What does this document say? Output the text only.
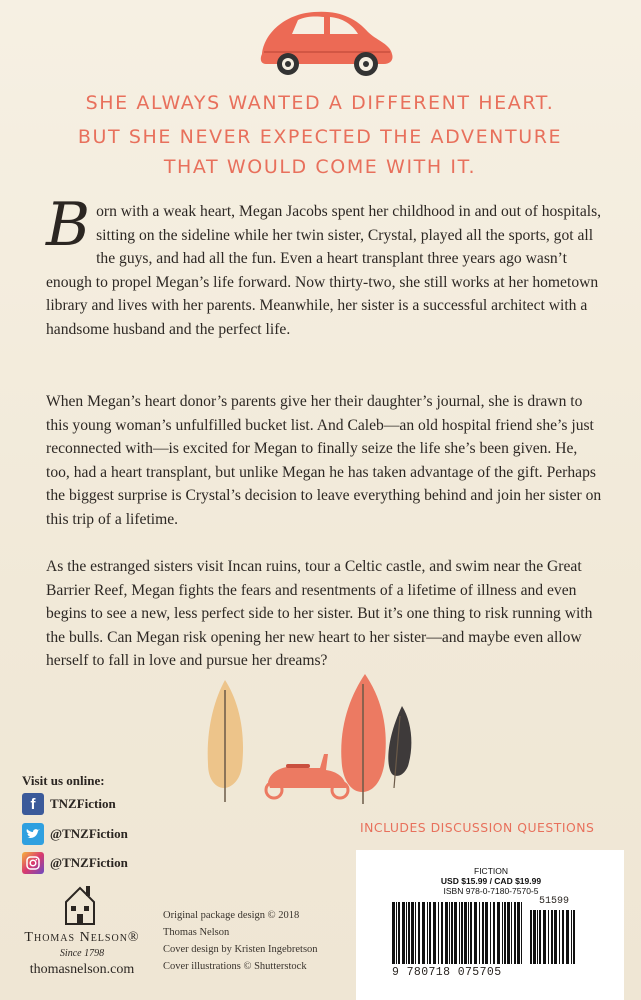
SHE ALWAYS WANTED A DIFFERENT HEART.
BUT SHE NEVER EXPECTED THE ADVENTURE
THAT WOULD COME WITH IT.
Born with a weak heart, Megan Jacobs spent her childhood in and out of hospitals, sitting on the sideline while her twin sister, Crystal, played all the sports, got all the guys, and had all the fun. Even a heart transplant three years ago wasn’t enough to propel Megan’s life forward. Now thirty-two, she still works at her hometown library and lives with her parents. Meanwhile, her sister is a successful architect with a handsome husband and the perfect life.
When Megan’s heart donor’s parents give her their daughter’s journal, she is drawn to this young woman’s unfulfilled bucket list. And Caleb—an old hospital friend she’s just reconnected with—is excited for Megan to finally seize the life she’s been given. He, too, had a heart transplant, but unlike Megan he has taken advantage of the gift. Perhaps the biggest surprise is Crystal’s decision to leave everything behind and join her sister on this trip of a lifetime.
As the estranged sisters visit Incan ruins, tour a Celtic castle, and swim near the Great Barrier Reef, Megan fights the fears and resentments of a lifetime of illness and even begins to see a new, less perfect side to her sister. But it’s one thing to risk running with the bulls. Can Megan risk opening her new heart to her sister—and maybe even allow herself to fall in love and pursue her dreams?
Visit us online:
f	TNZFiction
@TNZFiction
@TNZFiction
Thomas Nelson®
Since 1798
thomasnelson.com
Original package design © 2018
Thomas Nelson
Cover design by Kristen Ingebretson
Cover illustrations © Shutterstock
INCLUDES DISCUSSION QUESTIONS
FICTION
USD $15.99 / CAD $19.99
ISBN 978-0-7180-7570-5
51599
9 780718 075705
